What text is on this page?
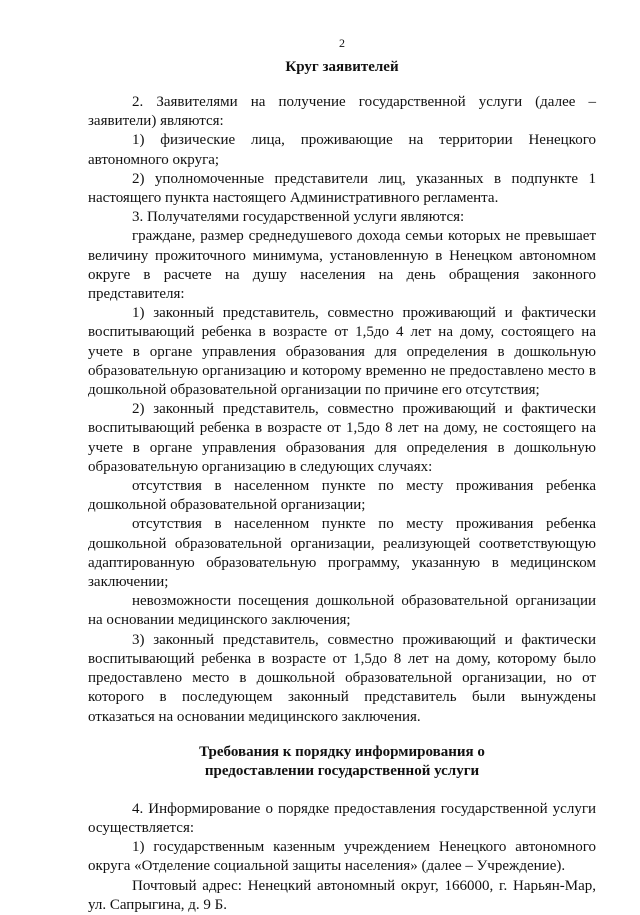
2
Круг заявителей

2. Заявителями на получение государственной услуги (далее – заявители) являются:

1) физические лица, проживающие на территории Ненецкого автономного округа;

2) уполномоченные представители лиц, указанных в подпункте 1 настоящего пункта настоящего Административного регламента.

3. Получателями государственной услуги являются:

граждане, размер среднедушевого дохода семьи которых не превышает величину прожиточного минимума, установленную в Ненецком автономном округе в расчете на душу населения на день обращения законного представителя:

1) законный представитель, совместно проживающий и фактически воспитывающий ребенка в возрасте от 1,5до 4 лет на дому, состоящего на учете в органе управления образования для определения в дошкольную образовательную организацию и которому временно не предоставлено место в дошкольной образовательной организации по причине его отсутствия;

2) законный представитель, совместно проживающий и фактически воспитывающий ребенка в возрасте от 1,5до 8 лет на дому, не состоящего на учете в органе управления образования для определения в дошкольную образовательную организацию в следующих случаях:

отсутствия в населенном пункте по месту проживания ребенка дошкольной образовательной организации;

отсутствия в населенном пункте по месту проживания ребенка дошкольной образовательной организации, реализующей соответствующую адаптированную образовательную программу, указанную в медицинском заключении;

невозможности посещения дошкольной образовательной организации на основании медицинского заключения;

3) законный представитель, совместно проживающий и фактически воспитывающий ребенка в возрасте от 1,5до 8 лет на дому, которому было предоставлено место в дошкольной образовательной организации, но от которого в последующем законный представитель были вынуждены отказаться на основании медицинского заключения.

Требования к порядку информирования о
предоставлении государственной услуги

4. Информирование о порядке предоставления государственной услуги осуществляется:

1) государственным казенным учреждением Ненецкого автономного округа «Отделение социальной защиты населения» (далее – Учреждение).

Почтовый адрес: Ненецкий автономный округ, 166000, г. Нарьян-Мар, ул. Сапрыгина, д. 9 Б.
